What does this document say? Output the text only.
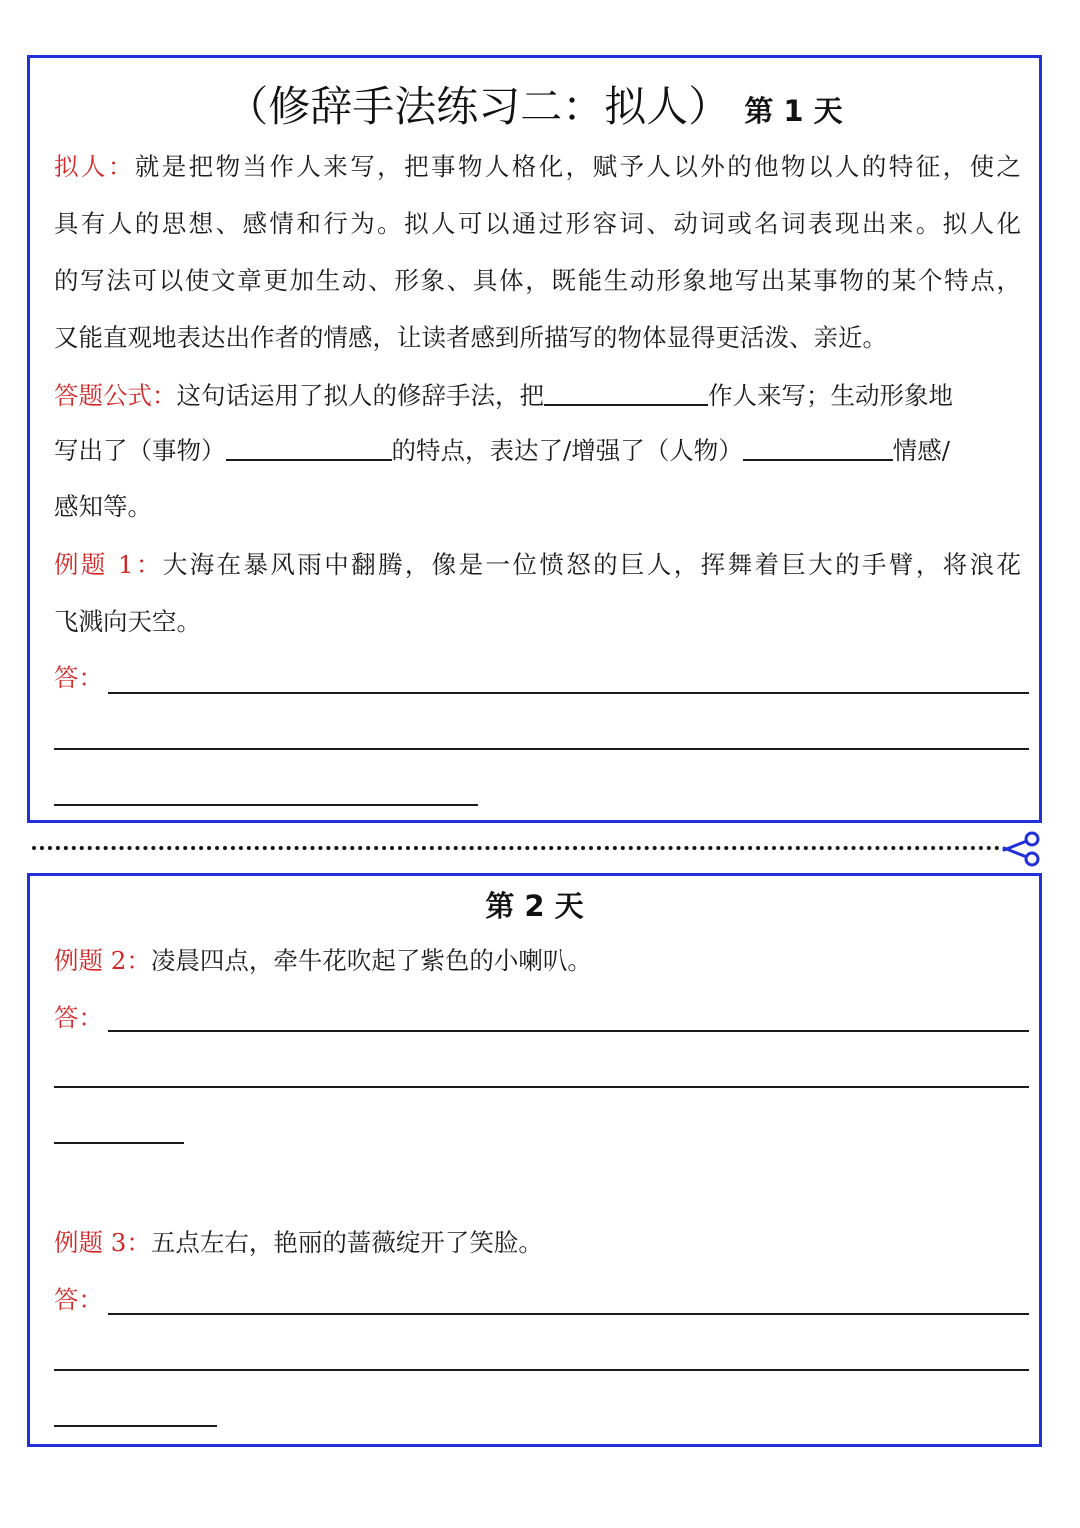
（修辞手法练习二：拟人） 第 1 天
拟人：就是把物当作人来写，把事物人格化，赋予人以外的他物以人的特征，使之
具有人的思想、感情和行为。拟人可以通过形容词、动词或名词表现出来。拟人化
的写法可以使文章更加生动、形象、具体，既能生动形象地写出某事物的某个特点，
又能直观地表达出作者的情感，让读者感到所描写的物体显得更活泼、亲近。
答题公式：这句话运用了拟人的修辞手法，把	作人来写；生动形象地
写出了（事物）	的特点，表达了/增强了（人物）	情感/
感知等。
例题 1：大海在暴风雨中翻腾，像是一位愤怒的巨人，挥舞着巨大的手臂，将浪花
飞溅向天空。
答：
第 2 天
例题 2：凌晨四点，牵牛花吹起了紫色的小喇叭。
答：
例题 3：五点左右，艳丽的蔷薇绽开了笑脸。
答：
